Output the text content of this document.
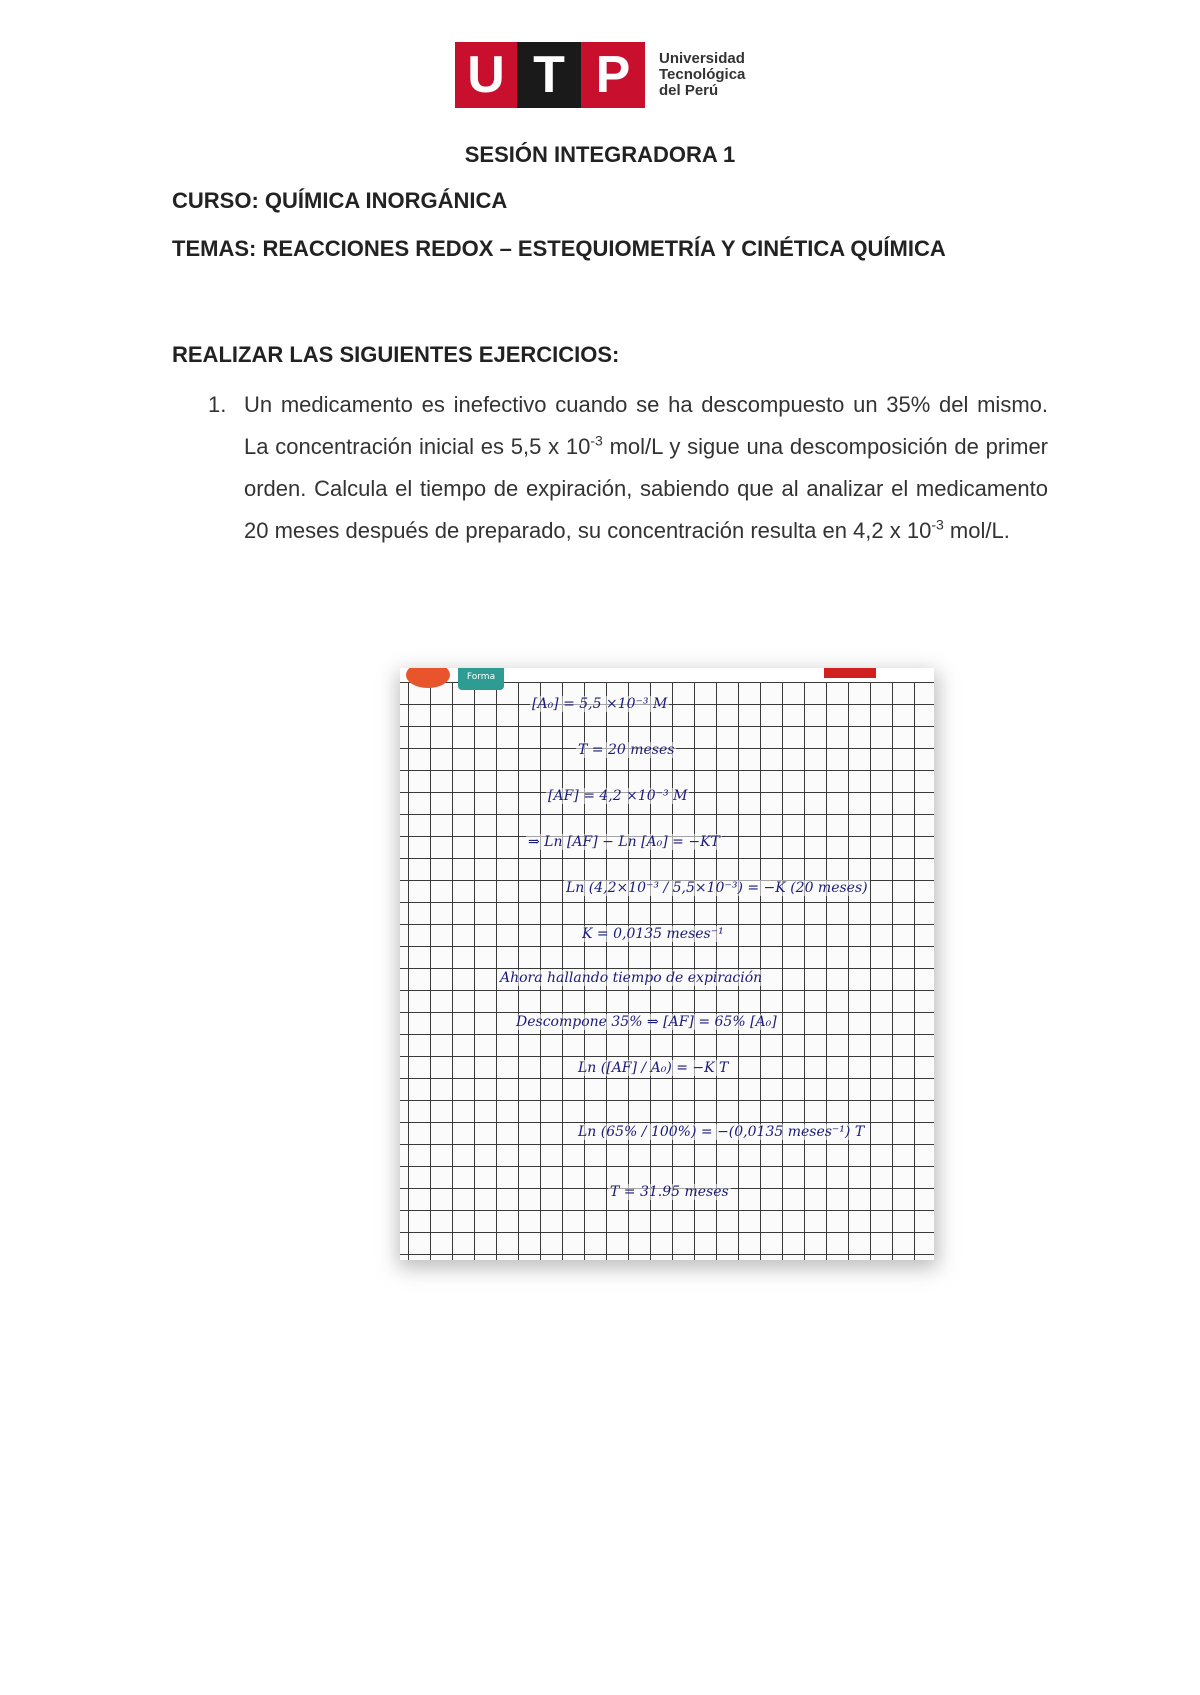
U T P	Universidad
Tecnológica
del Perú
SESIÓN INTEGRADORA 1
CURSO: QUÍMICA INORGÁNICA
TEMAS: REACCIONES REDOX – ESTEQUIOMETRÍA Y CINÉTICA QUÍMICA
REALIZAR LAS SIGUIENTES EJERCICIOS:
1. Un medicamento es inefectivo cuando se ha descompuesto un 35% del mismo. La concentración inicial es 5,5 x $10^{-3}$ mol/L y sigue una descomposición de primer orden. Calcula el tiempo de expiración, sabiendo que al analizar el medicamento 20 meses después de preparado, su concentración resulta en 4,2 x $10^{-3}$ mol/L.
Forma
[A₀] = 5,5 ×10⁻³ M
T = 20 meses
[AF] = 4,2 ×10⁻³ M
⇒ Ln [AF] − Ln [A₀] = −KT
Ln (4,2×10⁻³ / 5,5×10⁻³) = −K (20 meses)
K = 0,0135 meses⁻¹
Ahora hallando tiempo de expiración
Descompone 35% ⇒ [AF] = 65% [A₀]
Ln ([AF] / A₀) = −K T
Ln (65% / 100%) = −(0,0135 meses⁻¹) T
T = 31.95 meses
